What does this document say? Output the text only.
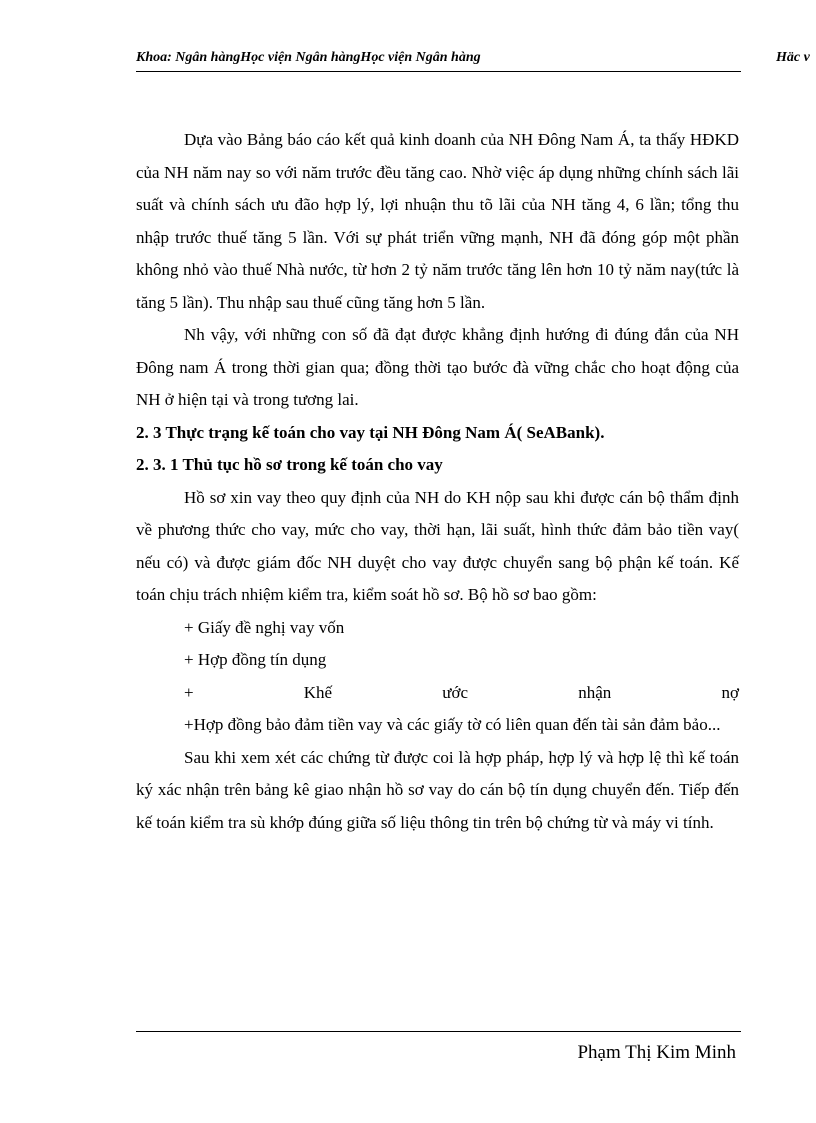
Khoa: Ngân hàngHọc viện Ngân hàngHọc viện Ngân hàng	Häc v

Dựa vào Bảng báo cáo kết quả kinh doanh của NH Đông Nam Á, ta thấy HĐKD của NH năm nay so với năm trước đều tăng cao. Nhờ việc áp dụng những chính sách lãi suất và chính sách ưu đão hợp lý, lợi nhuận thu tõ lãi của NH tăng 4, 6 lần; tổng thu nhập trước thuế tăng 5 lần. Với sự phát triển vững mạnh, NH đã đóng góp một phần không nhỏ vào thuế Nhà nước, từ hơn 2 tỷ năm trước tăng lên hơn 10 tỷ năm nay(tức là tăng 5 lần). Thu nhập sau thuế cũng tăng hơn 5 lần.

Nh vậy, với những con số đã đạt được khẳng định hướng đi đúng đắn của NH Đông nam Á trong thời gian qua; đồng thời tạo bước đà vững chắc cho hoạt động của NH ở hiện tại và trong tương lai.

2. 3 Thực trạng kế toán cho vay tại NH Đông Nam Á( SeABank).

2. 3. 1 Thủ tục hồ sơ trong kế toán cho vay

Hồ sơ xin vay theo quy định của NH do KH nộp sau khi được cán bộ thẩm định về phương thức cho vay, mức cho vay, thời hạn, lãi suất, hình thức đảm bảo tiền vay( nếu có) và được giám đốc NH duyệt cho vay được chuyển sang bộ phận kế toán. Kế toán chịu trách nhiệm kiểm tra, kiểm soát hồ sơ. Bộ hồ sơ bao gồm:

+ Giấy đề nghị vay vốn

+ Hợp đồng tín dụng

+	Khế	ước	nhận	nợ

+Hợp đồng bảo đảm tiền vay và các giấy tờ có liên quan đến tài sản đảm bảo...

Sau khi xem xét các chứng từ được coi là hợp pháp, hợp lý và hợp lệ thì kế toán ký xác nhận trên bảng kê giao nhận hồ sơ vay do cán bộ tín dụng chuyển đến. Tiếp đến kế toán kiểm tra sù khớp đúng giữa số liệu thông tin trên bộ chứng từ và máy vi tính.

Phạm Thị Kim Minh
